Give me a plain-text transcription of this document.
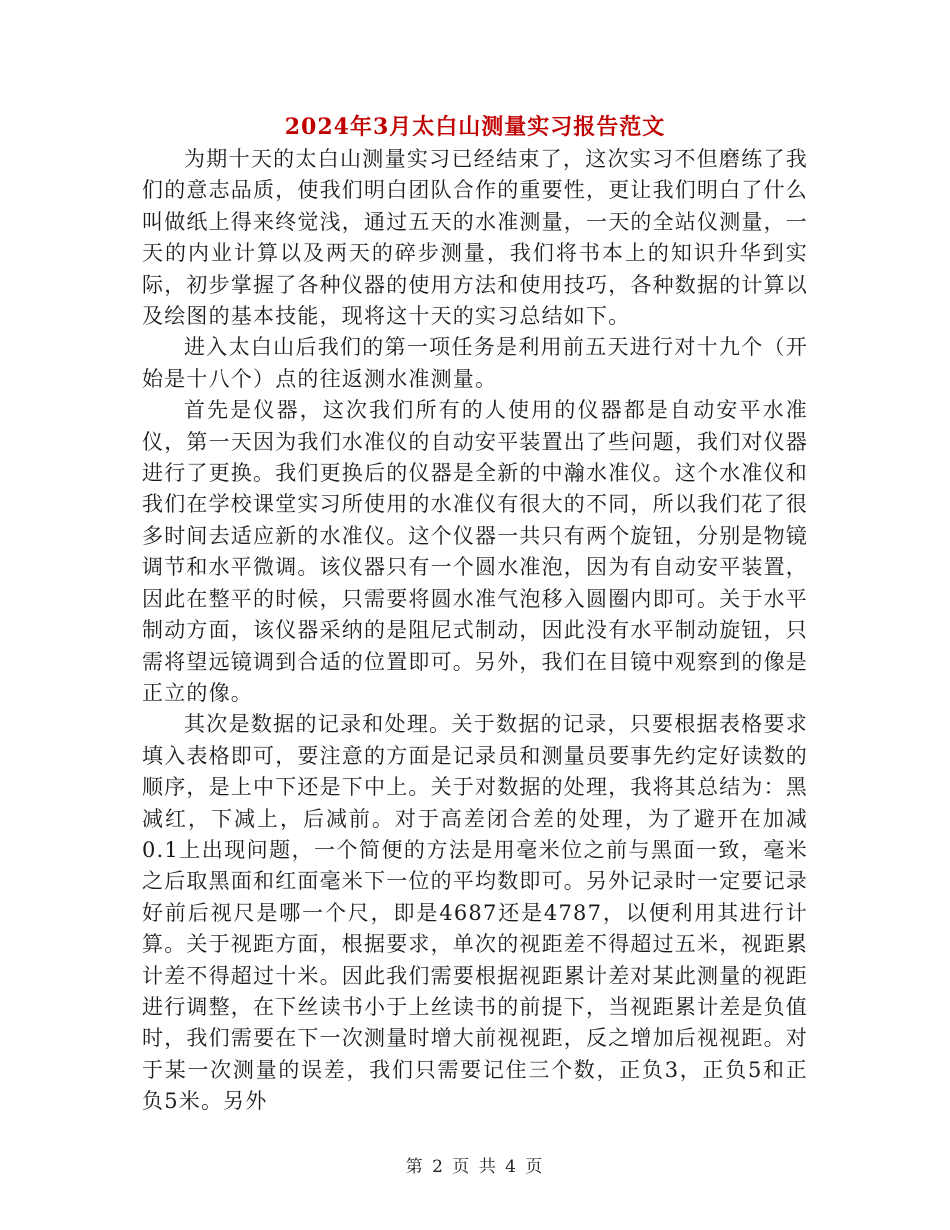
2024年3月太白山测量实习报告范文

为期十天的太白山测量实习已经结束了，这次实习不但磨练了我们的意志品质，使我们明白团队合作的重要性，更让我们明白了什么叫做纸上得来终觉浅，通过五天的水准测量，一天的全站仪测量，一天的内业计算以及两天的碎步测量，我们将书本上的知识升华到实际，初步掌握了各种仪器的使用方法和使用技巧，各种数据的计算以及绘图的基本技能，现将这十天的实习总结如下。

进入太白山后我们的第一项任务是利用前五天进行对十九个（开始是十八个）点的往返测水准测量。

首先是仪器，这次我们所有的人使用的仪器都是自动安平水准仪，第一天因为我们水准仪的自动安平装置出了些问题，我们对仪器进行了更换。我们更换后的仪器是全新的中瀚水准仪。这个水准仪和我们在学校课堂实习所使用的水准仪有很大的不同，所以我们花了很多时间去适应新的水准仪。这个仪器一共只有两个旋钮，分别是物镜调节和水平微调。该仪器只有一个圆水准泡，因为有自动安平装置，因此在整平的时候，只需要将圆水准气泡移入圆圈内即可。关于水平制动方面，该仪器采纳的是阻尼式制动，因此没有水平制动旋钮，只需将望远镜调到合适的位置即可。另外，我们在目镜中观察到的像是正立的像。

其次是数据的记录和处理。关于数据的记录，只要根据表格要求填入表格即可，要注意的方面是记录员和测量员要事先约定好读数的顺序，是上中下还是下中上。关于对数据的处理，我将其总结为：黑减红，下减上，后减前。对于高差闭合差的处理，为了避开在加减0.1上出现问题，一个简便的方法是用毫米位之前与黑面一致，毫米之后取黑面和红面毫米下一位的平均数即可。另外记录时一定要记录好前后视尺是哪一个尺，即是4687还是4787，以便利用其进行计算。关于视距方面，根据要求，单次的视距差不得超过五米，视距累计差不得超过十米。因此我们需要根据视距累计差对某此测量的视距进行调整，在下丝读书小于上丝读书的前提下，当视距累计差是负值时，我们需要在下一次测量时增大前视视距，反之增加后视视距。对于某一次测量的误差，我们只需要记住三个数，正负3，正负5和正负5米。另外

第 2 页 共 4 页
